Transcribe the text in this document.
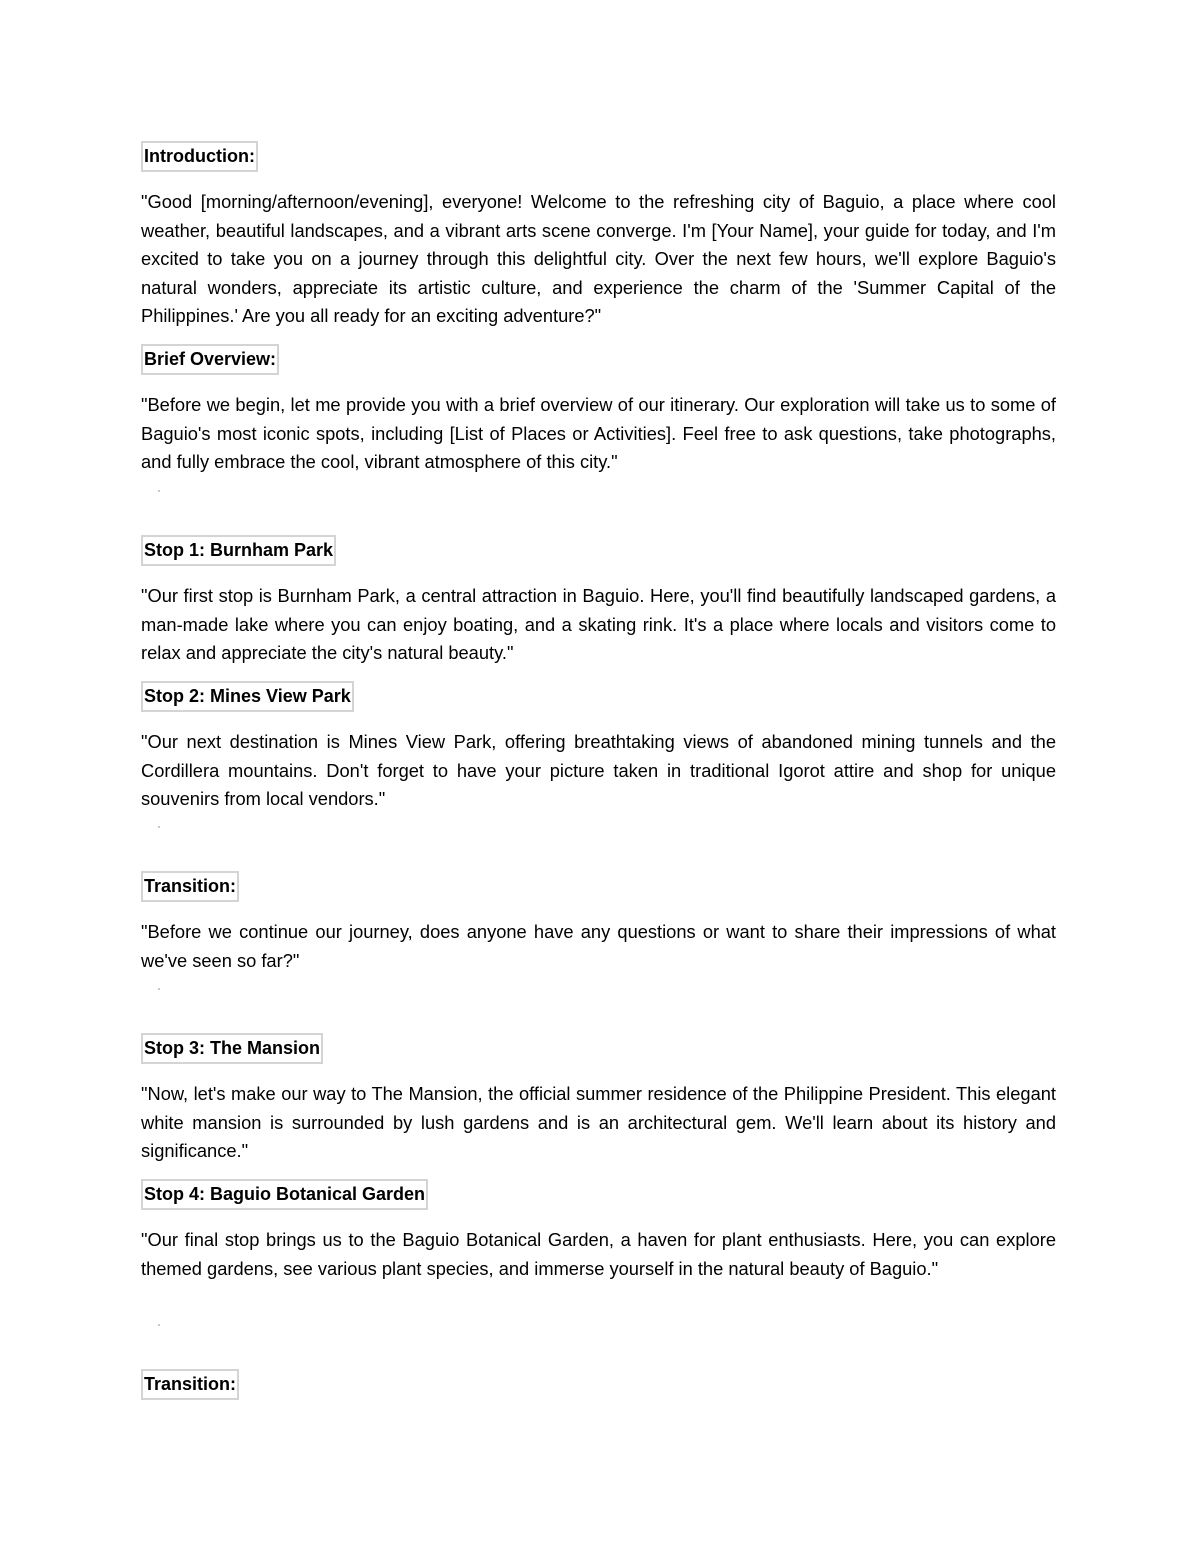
Introduction:

"Good [morning/afternoon/evening], everyone! Welcome to the refreshing city of Baguio, a place where cool weather, beautiful landscapes, and a vibrant arts scene converge. I'm [Your Name], your guide for today, and I'm excited to take you on a journey through this delightful city. Over the next few hours, we'll explore Baguio's natural wonders, appreciate its artistic culture, and experience the charm of the 'Summer Capital of the Philippines.' Are you all ready for an exciting adventure?"

Brief Overview:

"Before we begin, let me provide you with a brief overview of our itinerary. Our exploration will take us to some of Baguio's most iconic spots, including [List of Places or Activities]. Feel free to ask questions, take photographs, and fully embrace the cool, vibrant atmosphere of this city."

Stop 1: Burnham Park

"Our first stop is Burnham Park, a central attraction in Baguio. Here, you'll find beautifully landscaped gardens, a man-made lake where you can enjoy boating, and a skating rink. It's a place where locals and visitors come to relax and appreciate the city's natural beauty."

Stop 2: Mines View Park

"Our next destination is Mines View Park, offering breathtaking views of abandoned mining tunnels and the Cordillera mountains. Don't forget to have your picture taken in traditional Igorot attire and shop for unique souvenirs from local vendors."

Transition:

"Before we continue our journey, does anyone have any questions or want to share their impressions of what we've seen so far?"

Stop 3: The Mansion

"Now, let's make our way to The Mansion, the official summer residence of the Philippine President. This elegant white mansion is surrounded by lush gardens and is an architectural gem. We'll learn about its history and significance."

Stop 4: Baguio Botanical Garden

"Our final stop brings us to the Baguio Botanical Garden, a haven for plant enthusiasts. Here, you can explore themed gardens, see various plant species, and immerse yourself in the natural beauty of Baguio."

Transition:
